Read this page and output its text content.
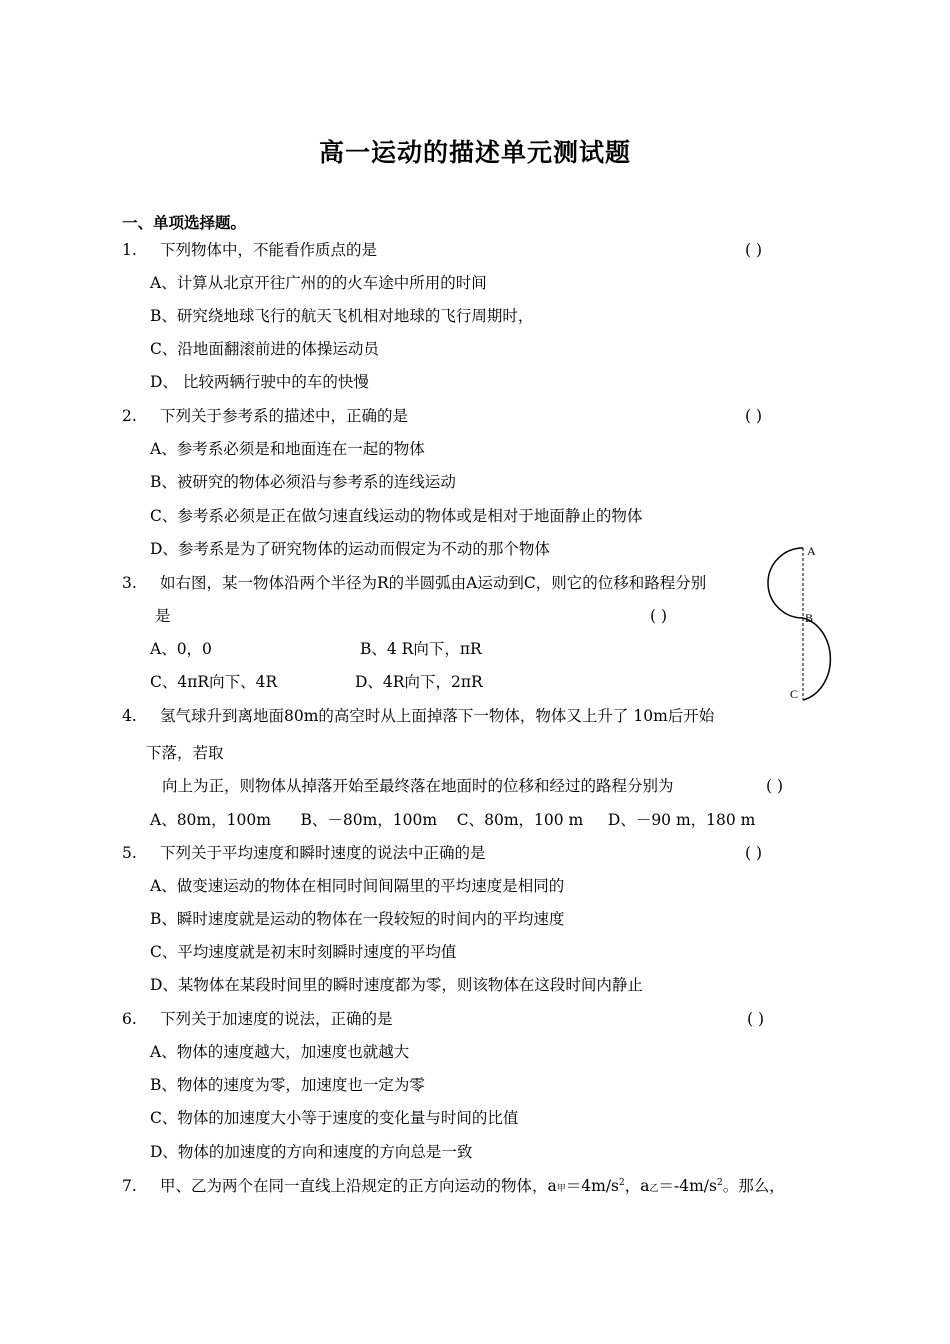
高一运动的描述单元测试题
一、单项选择题。
1. 下列物体中，不能看作质点的是	( )
A、计算从北京开往广州的的火车途中所用的时间
B、研究绕地球飞行的航天飞机相对地球的飞行周期时，
C、沿地面翻滚前进的体操运动员
D、 比较两辆行驶中的车的快慢
2. 下列关于参考系的描述中，正确的是	( )
A、参考系必须是和地面连在一起的物体
B、被研究的物体必须沿与参考系的连线运动
C、参考系必须是正在做匀速直线运动的物体或是相对于地面静止的物体
D、参考系是为了研究物体的运动而假定为不动的那个物体
3. 如右图，某一物体沿两个半径为R的半圆弧由A运动到C，则它的位移和路程分别
是	( )
A、0，0	B、4 R向下，πR
C、4πR向下、4R	D、4R向下，2πR
A
B
C
4. 氢气球升到离地面80m的高空时从上面掉落下一物体，物体又上升了 10m后开始
下落，若取
向上为正，则物体从掉落开始至最终落在地面时的位移和经过的路程分别为	( )
A、80m，100m      B、－80m，100m    C、80m，100 m     D、－90 m，180 m
5. 下列关于平均速度和瞬时速度的说法中正确的是	( )
A、做变速运动的物体在相同时间间隔里的平均速度是相同的
B、瞬时速度就是运动的物体在一段较短的时间内的平均速度
C、平均速度就是初末时刻瞬时速度的平均值
D、某物体在某段时间里的瞬时速度都为零，则该物体在这段时间内静止
6. 下列关于加速度的说法，正确的是	( )
A、物体的速度越大，加速度也就越大
B、物体的速度为零，加速度也一定为零
C、物体的加速度大小等于速度的变化量与时间的比值
D、物体的加速度的方向和速度的方向总是一致
7. 甲、乙为两个在同一直线上沿规定的正方向运动的物体，a甲$=4m/s^2$，a乙$=-4m/s^2$。那么，
